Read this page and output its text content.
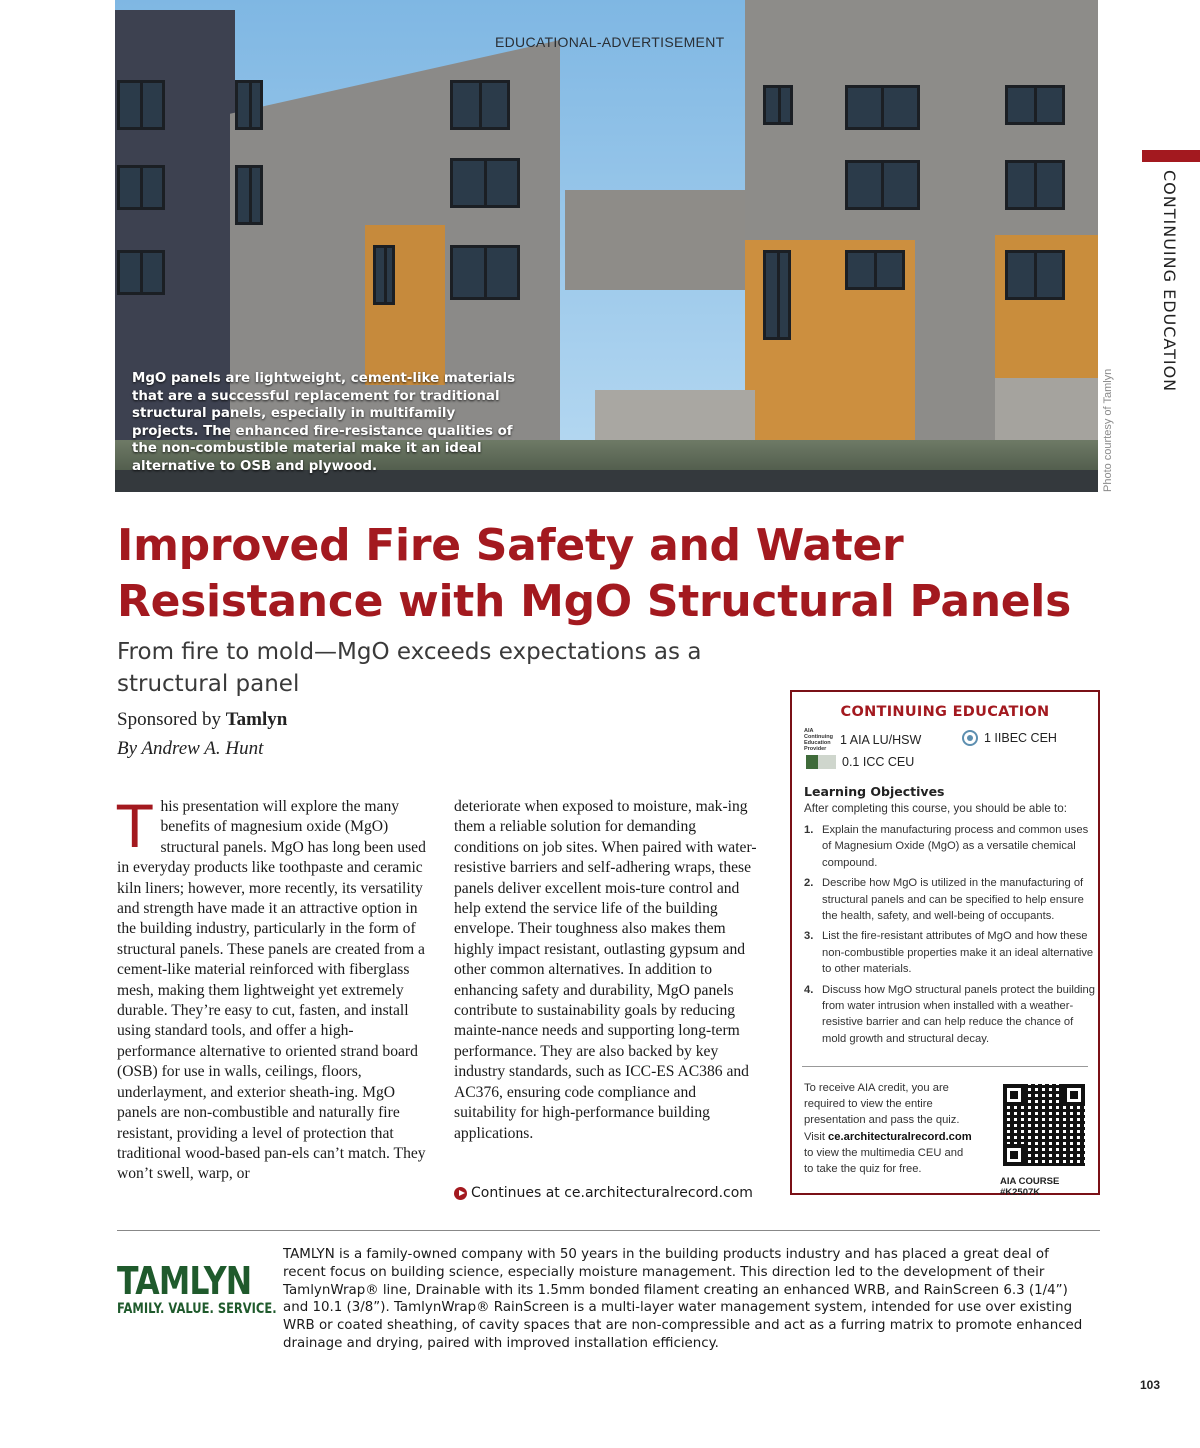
EDUCATIONAL-ADVERTISEMENT
MgO panels are lightweight, cement-like materials that are a successful replacement for traditional structural panels, especially in multifamily projects. The enhanced fire-resistance qualities of the non-combustible material make it an ideal alternative to OSB and plywood.	Photo courtesy of Tamlyn
CONTINUING EDUCATION
Improved Fire Safety and Water Resistance with MgO Structural Panels
From fire to mold—MgO exceeds expectations as a structural panel
Sponsored by Tamlyn
By Andrew A. Hunt
T his presentation will explore the many benefits of magnesium oxide (MgO) structural panels. MgO has long been used in everyday products like toothpaste and ceramic kiln liners; however, more recently, its versatility and strength have made it an attractive option in the building industry, particularly in the form of structural panels. These panels are created from a cement-like material reinforced with fiberglass mesh, making them lightweight yet extremely durable. They’re easy to cut, fasten, and install using standard tools, and offer a high-performance alternative to oriented strand board (OSB) for use in walls, ceilings, floors, underlayment, and exterior sheath-ing. MgO panels are non-combustible and naturally fire resistant, providing a level of protection that traditional wood-based pan-els can’t match. They won’t swell, warp, or
deteriorate when exposed to moisture, mak-ing them a reliable solution for demanding conditions on job sites. When paired with water-resistive barriers and self-adhering wraps, these panels deliver excellent mois-ture control and help extend the service life of the building envelope. Their toughness also makes them highly impact resistant, outlasting gypsum and other common alternatives. In addition to enhancing safety and durability, MgO panels contribute to sustainability goals by reducing mainte-nance needs and supporting long-term performance. They are also backed by key industry standards, such as ICC-ES AC386 and AC376, ensuring code compliance and suitability for high-performance building applications.
Continues at ce.architecturalrecord.com
CONTINUING EDUCATION
AIA Continuing Education Provider
1 AIA LU/HSW	1 IIBEC CEH
0.1 ICC CEU
Learning Objectives
After completing this course, you should be able to:
1. Explain the manufacturing process and common uses of Magnesium Oxide (MgO) as a versatile chemical compound.
2. Describe how MgO is utilized in the manufacturing of structural panels and can be specified to help ensure the health, safety, and well-being of occupants.
3. List the fire-resistant attributes of MgO and how these non-combustible properties make it an ideal alternative to other materials.
4. Discuss how MgO structural panels protect the building from water intrusion when installed with a weather-resistive barrier and can help reduce the chance of mold growth and structural decay.
To receive AIA credit, you are required to view the entire presentation and pass the quiz. Visit ce.architecturalrecord.com to view the multimedia CEU and to take the quiz for free.
AIA COURSE #K2507K
TAMLYN
FAMILY. VALUE. SERVICE.
TAMLYN is a family-owned company with 50 years in the building products industry and has placed a great deal of recent focus on building science, especially moisture management. This direction led to the development of their TamlynWrap® line, Drainable with its 1.5mm bonded filament creating an enhanced WRB, and RainScreen 6.3 (1/4”) and 10.1 (3/8”). TamlynWrap® RainScreen is a multi-layer water management system, intended for use over existing WRB or coated sheathing, of cavity spaces that are non-compressible and act as a furring matrix to promote enhanced drainage and drying, paired with improved installation efficiency.
103
